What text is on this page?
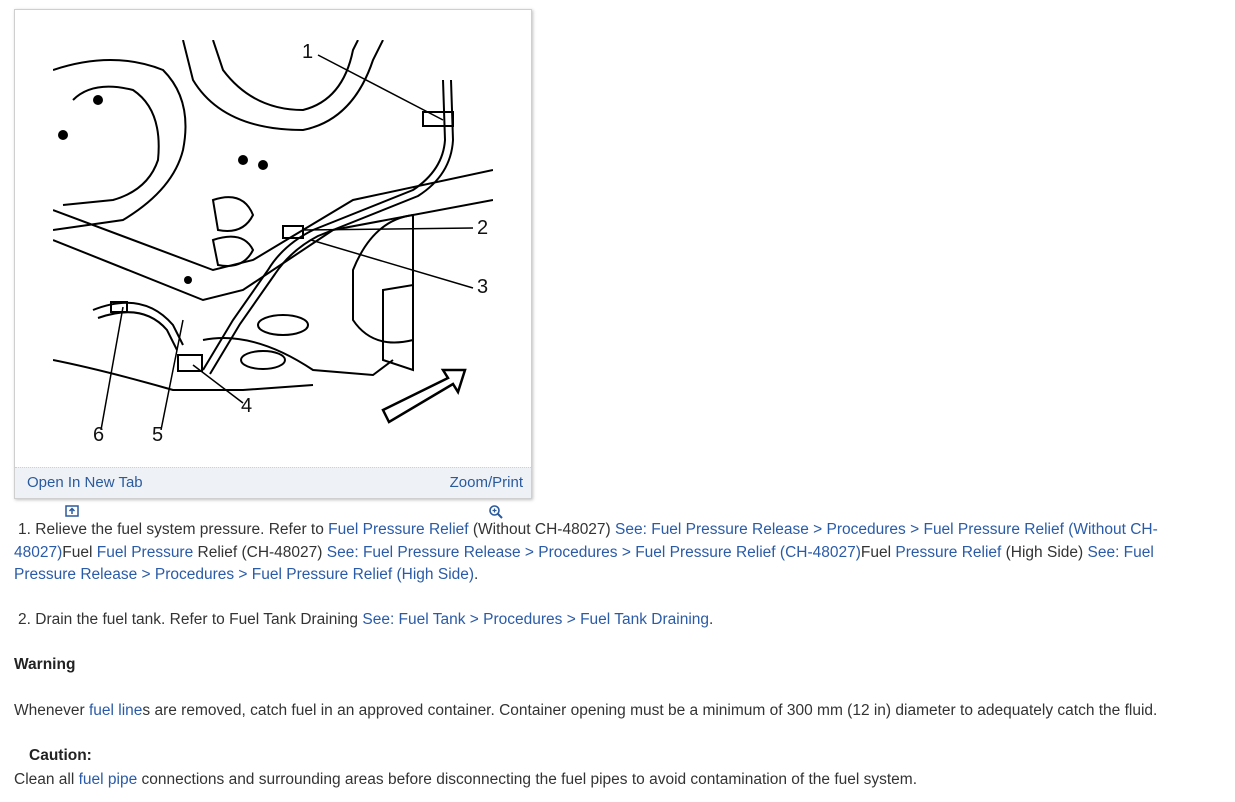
1
2
3
4
5
6
Open In New Tab	Zoom/Print

1. Relieve the fuel system pressure. Refer to Fuel Pressure Relief (Without CH-48027) See: Fuel Pressure Release > Procedures > Fuel Pressure Relief (Without CH-48027)Fuel Fuel Pressure Relief (CH-48027) See: Fuel Pressure Release > Procedures > Fuel Pressure Relief (CH-48027)Fuel Pressure Relief (High Side) See: Fuel Pressure Release > Procedures > Fuel Pressure Relief (High Side).

2. Drain the fuel tank. Refer to Fuel Tank Draining See: Fuel Tank > Procedures > Fuel Tank Draining.

Warning

Whenever fuel lines are removed, catch fuel in an approved container. Container opening must be a minimum of 300 mm (12 in) diameter to adequately catch the fluid.

Caution:

Clean all fuel pipe connections and surrounding areas before disconnecting the fuel pipes to avoid contamination of the fuel system.
